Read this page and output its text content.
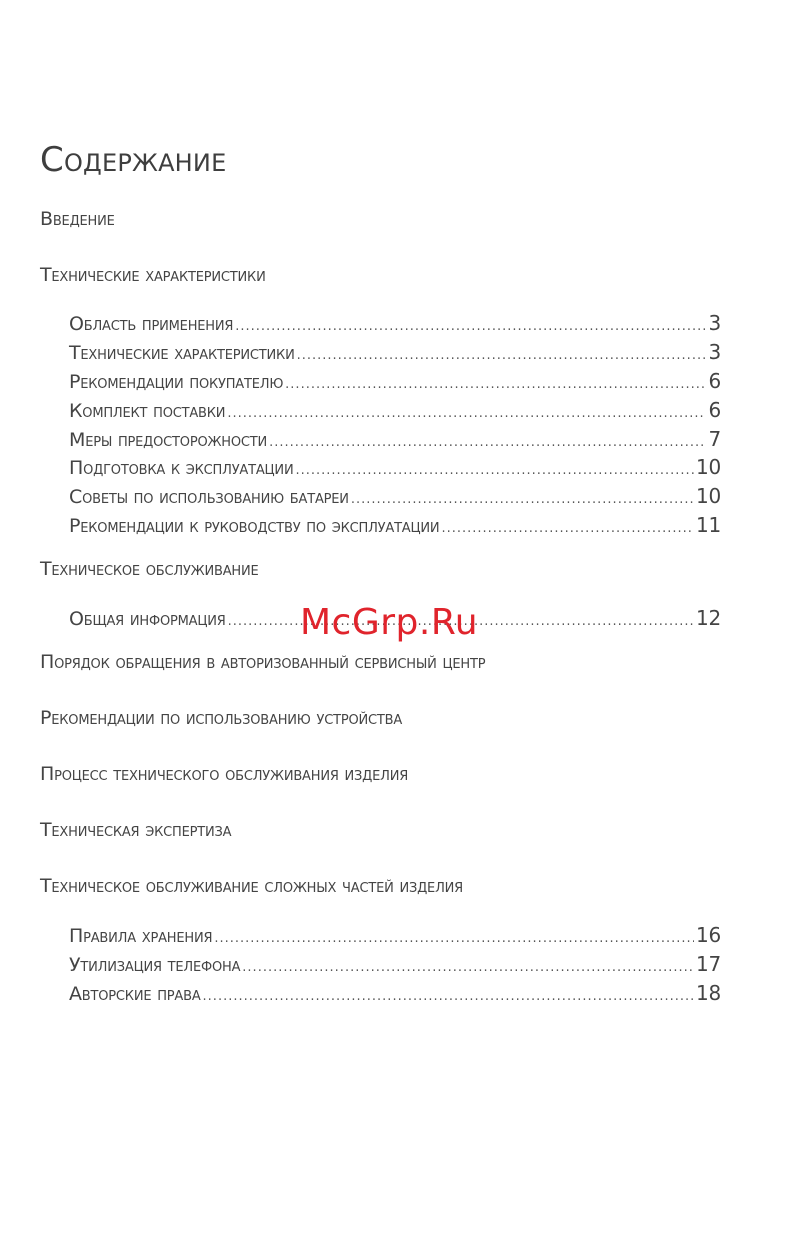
Содержание
Введение
Технические характеристики
Область применения .....	3
Технические характеристики .....	3
Рекомендации покупателю .....	6
Комплект поставки .....	6
Меры предосторожности .....	7
Подготовка к эксплуатации .....	10
Советы по использованию батареи .....	10
Рекомендации к руководству по эксплуатации .....	11
Техническое обслуживание
Общая информация .....	12
Порядок обращения в авторизованный сервисный центр
Рекомендации по использованию устройства
Процесс технического обслуживания изделия
Техническая экспертиза
Техническое обслуживание сложных частей изделия
Правила хранения .....	16
Утилизация телефона .....	17
Авторские права .....	18
McGrp.Ru
